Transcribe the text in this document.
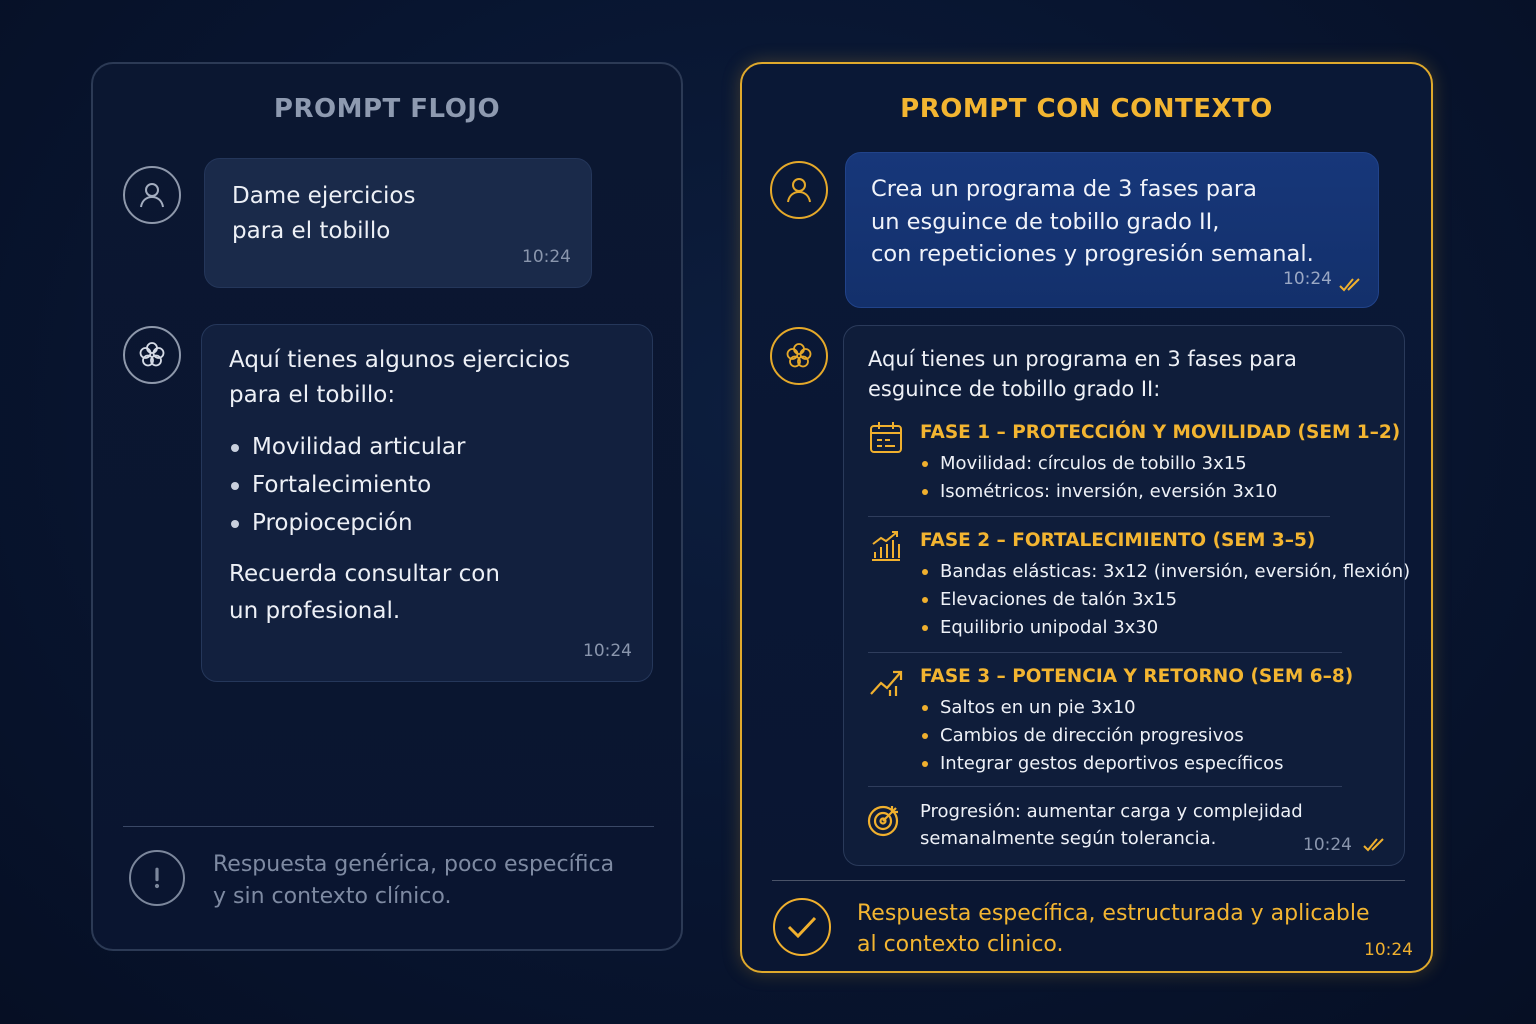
PROMPT FLOJO
Dame ejercicios
para el tobillo
10:24
Aquí tienes algunos ejercicios
para el tobillo:
Movilidad articular
Fortalecimiento
Propiocepción
Recuerda consultar con
un profesional.
10:24
Respuesta genérica, poco específica
y sin contexto clínico.
PROMPT CON CONTEXTO
Crea un programa de 3 fases para
un esguince de tobillo grado II,
con repeticiones y progresión semanal.
10:24
Aquí tienes un programa en 3 fases para
esguince de tobillo grado II:
FASE 1 – PROTECCIÓN Y MOVILIDAD (SEM 1–2)
Movilidad: círculos de tobillo 3x15
Isométricos: inversión, eversión 3x10
FASE 2 – FORTALECIMIENTO (SEM 3–5)
Bandas elásticas: 3x12 (inversión, eversión, flexión)
Elevaciones de talón 3x15
Equilibrio unipodal 3x30
FASE 3 – POTENCIA Y RETORNO (SEM 6–8)
Saltos en un pie 3x10
Cambios de dirección progresivos
Integrar gestos deportivos específicos
Progresión: aumentar carga y complejidad
semanalmente según tolerancia.	10:24
Respuesta específica, estructurada y aplicable
al contexto clinico.	10:24
